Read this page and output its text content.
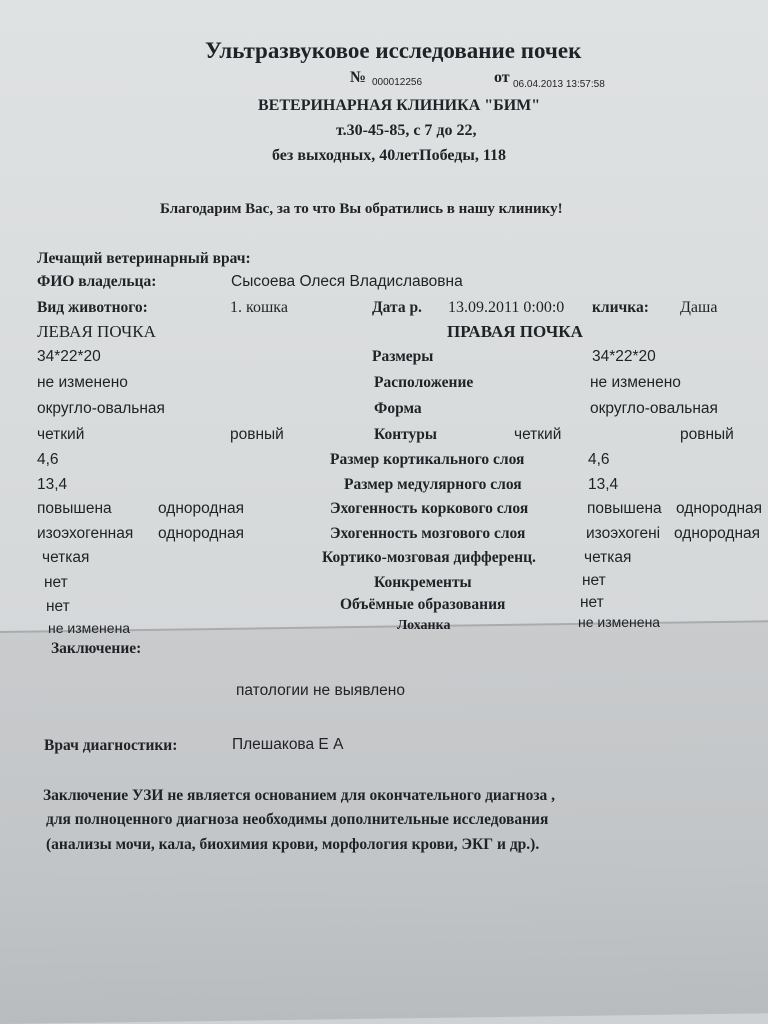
Ультразвуковое исследование почек
№ 000012256	от 06.04.2013 13:57:58
ВЕТЕРИНАРНАЯ КЛИНИКА "БИМ"
т.30-45-85, с 7 до 22,
без выходных, 40летПобеды, 118
Благодарим Вас, за то что Вы обратились в нашу клинику!
Лечащий ветеринарный врач:
ФИО владельца:	Сысоева Олеся Владиславовна
Вид животного:	1. кошка	Дата р. 13.09.2011 0:00:0 кличка: Даша
ЛЕВАЯ ПОЧКА	ПРАВАЯ ПОЧКА
34*22*20	Размеры	34*22*20
не изменено	Расположение	не изменено
округло-овальная	Форма	округло-овальная
четкий	ровный	Контуры	четкий	ровный
4,6	Размер кортикального слоя	4,6
13,4	Размер медулярного слоя	13,4
повышена	однородная	Эхогенность коркового слоя	повышена однородная
изоэхогенная однородная	Эхогенность мозгового слоя	изоэхогені однородная
четкая	Кортико-мозговая дифференц.	четкая
нет	Конкременты	нет
нет	Объёмные образования	нет
не изменена	Лоханка	не изменена
Заключение:
патологии не выявлено
Врач диагностики:	Плешакова Е А
Заключение УЗИ не является основанием для окончательного диагноза ,
для полноценного диагноза необходимы дополнительные исследования
(анализы мочи, кала, биохимия крови, морфология крови, ЭКГ и др.).
